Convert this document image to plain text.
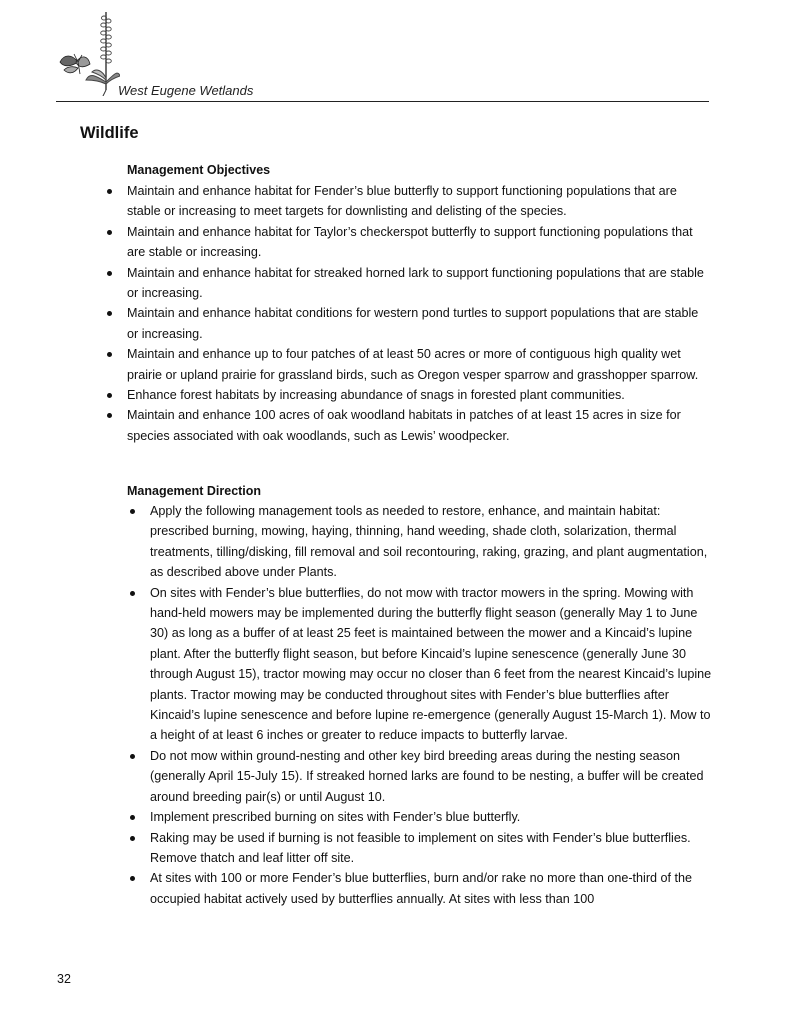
West Eugene Wetlands
Wildlife
Management Objectives
Maintain and enhance habitat for Fender’s blue butterfly to support functioning populations that are stable or increasing to meet targets for downlisting and delisting of the species.
Maintain and enhance habitat for Taylor’s checkerspot butterfly to support functioning populations that are stable or increasing.
Maintain and enhance habitat for streaked horned lark to support functioning populations that are stable or increasing.
Maintain and enhance habitat conditions for western pond turtles to support populations that are stable or increasing.
Maintain and enhance up to four patches of at least 50 acres or more of contiguous high quality wet prairie or upland prairie for grassland birds, such as Oregon vesper sparrow and grasshopper sparrow.
Enhance forest habitats by increasing abundance of snags in forested plant communities.
Maintain and enhance 100 acres of oak woodland habitats in patches of at least 15 acres in size for species associated with oak woodlands, such as Lewis’ woodpecker.
Management Direction
Apply the following management tools as needed to restore, enhance, and maintain habitat: prescribed burning, mowing, haying, thinning, hand weeding, shade cloth, solarization, thermal treatments, tilling/disking, fill removal and soil recontouring, raking, grazing, and plant augmentation, as described above under Plants.
On sites with Fender’s blue butterflies, do not mow with tractor mowers in the spring. Mowing with hand-held mowers may be implemented during the butterfly flight season (generally May 1 to June 30) as long as a buffer of at least 25 feet is maintained between the mower and a Kincaid’s lupine plant. After the butterfly flight season, but before Kincaid’s lupine senescence (generally June 30 through August 15), tractor mowing may occur no closer than 6 feet from the nearest Kincaid’s lupine plants. Tractor mowing may be conducted throughout sites with Fender’s blue butterflies after Kincaid’s lupine senescence and before lupine re-emergence (generally August 15-March 1). Mow to a height of at least 6 inches or greater to reduce impacts to butterfly larvae.
Do not mow within ground-nesting and other key bird breeding areas during the nesting season (generally April 15-July 15). If streaked horned larks are found to be nesting, a buffer will be created around breeding pair(s) or until August 10.
Implement prescribed burning on sites with Fender’s blue butterfly.
Raking may be used if burning is not feasible to implement on sites with Fender’s blue butterflies. Remove thatch and leaf litter off site.
At sites with 100 or more Fender’s blue butterflies, burn and/or rake no more than one-third of the occupied habitat actively used by butterflies annually. At sites with less than 100
32
